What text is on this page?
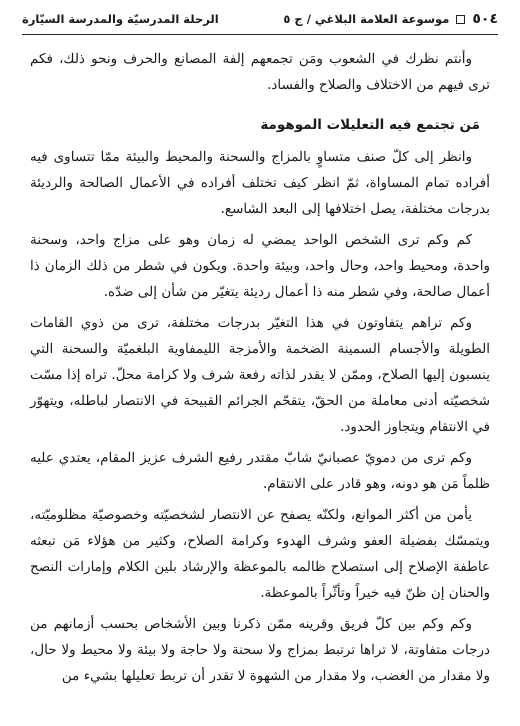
٥٠٤
موسوعة العلامة البلاغي / ج ٥
الرحلة المدرسيّة والمدرسة السيّارة

وأنتم نظرك في الشعوب ومَن تجمعهم إلفة المصانع والحرف ونحو ذلك، فكم ترى فيهم من الاختلاف والصلاح والفساد.

مَن تجتمع فيه التعليلات الموهومة

وانظر إلى كلّ صنف متساوٍ بالمزاج والسحنة والمحيط والبيئة ممّا تتساوى فيه أفراده تمام المساواة، ثمّ انظر كيف تختلف أفراده في الأعمال الصالحة والرديئة بدرجات مختلفة، يصل اختلافها إلى البعد الشاسع.

كم وكم ترى الشخص الواحد يمضي له زمان وهو على مزاج واحد، وسحنة واحدة، ومحيط واحد، وحال واحد، وبيئة واحدة. ويكون في شطر من ذلك الزمان ذا أعمال صالحة، وفي شطر منه ذا أعمال رديئة يتغيّر من شأن إلى ضدّه.

وكم تراهم يتفاوتون في هذا التغيّر بدرجات مختلفة، ترى من ذوي القامات الطويلة والأجسام السمينة الضخمة والأمزجة الليمفاوية البلغميّة والسحنة التي ينسبون إليها الصلاح، وممّن لا يقدر لذاته رفعة شرف ولا كرامة محلّ. تراه إذا مسّت شخصيّته أدنى معاملة من الحقّ، يتقحّم الجرائم القبيحة في الانتصار لباطله، ويتهوّر في الانتقام ويتجاوز الحدود.

وكم ترى من دمويّ عصبانيّ شابّ مقتدر رفيع الشرف عزيز المقام، يعتدي عليه ظلماً مَن هو دونه، وهو قادر على الانتقام.

يأمن من أكثر الموانع، ولكنّه يصفح عن الانتصار لشخصيّته وخصوصيّة مظلوميّته، ويتمسّك بفضيلة العفو وشرف الهدوء وكرامة الصلاح، وكثير من هؤلاء مَن تبعثه عاطفة الإصلاح إلى استصلاح ظالمه بالموعظة والإرشاد بلين الكلام وإمارات النصح والحنان إن ظنّ فيه خيراً وتأثّراً بالموعظة.

وكم وكم بين كلّ فريق وقرينه ممّن ذكرنا وبين الأشخاص بحسب أزمانهم من درجات متفاوتة، لا تراها ترتبط بمزاج ولا سحنة ولا حاجة ولا بيئة ولا محيط ولا حال، ولا مقدار من الغضب، ولا مقدار من الشهوة لا تقدر أن تربط تعليلها بشيء من
